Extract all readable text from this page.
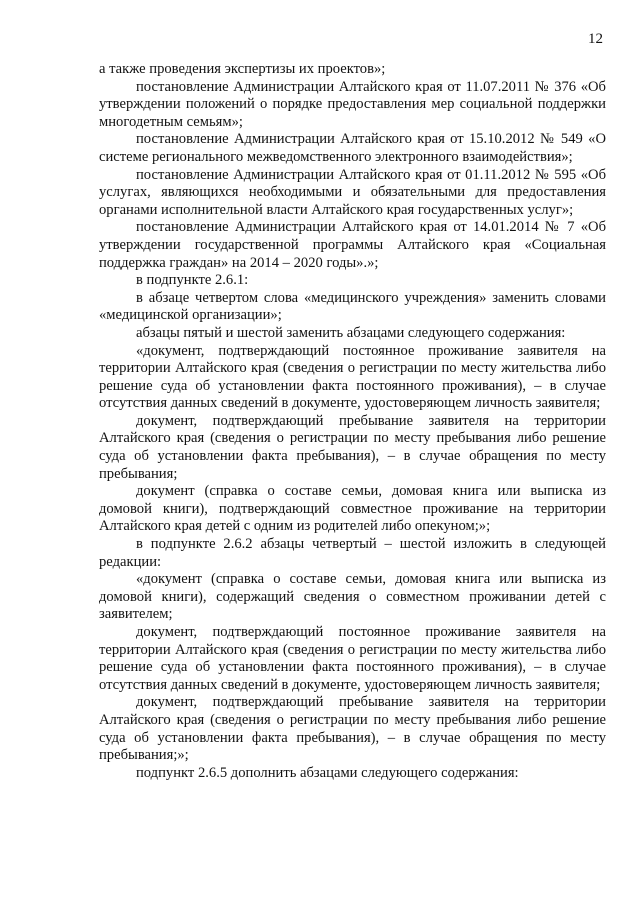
12

а также проведения экспертизы их проектов»;

постановление Администрации Алтайского края от 11.07.2011 № 376 «Об утверждении положений о порядке предоставления мер социальной поддержки многодетным семьям»;

постановление Администрации Алтайского края от 15.10.2012 № 549 «О системе регионального межведомственного электронного взаимодействия»;

постановление Администрации Алтайского края от 01.11.2012 № 595 «Об услугах, являющихся необходимыми и обязательными для предоставления органами исполнительной власти Алтайского края государственных услуг»;

постановление Администрации Алтайского края от 14.01.2014 № 7 «Об утверждении государственной программы Алтайского края «Социальная поддержка граждан» на 2014 – 2020 годы».»;

в подпункте 2.6.1:

в абзаце четвертом слова «медицинского учреждения» заменить словами «медицинской организации»;

абзацы пятый и шестой заменить абзацами следующего содержания:

«документ, подтверждающий постоянное проживание заявителя на территории Алтайского края (сведения о регистрации по месту жительства либо решение суда об установлении факта постоянного проживания), – в случае отсутствия данных сведений в документе, удостоверяющем личность заявителя;

документ, подтверждающий пребывание заявителя на территории Алтайского края (сведения о регистрации по месту пребывания либо решение суда об установлении факта пребывания), – в случае обращения по месту пребывания;

документ (справка о составе семьи, домовая книга или выписка из домовой книги), подтверждающий совместное проживание на территории Алтайского края детей с одним из родителей либо опекуном;»;

в подпункте 2.6.2 абзацы четвертый – шестой изложить в следующей редакции:

«документ (справка о составе семьи, домовая книга или выписка из домовой книги), содержащий сведения о совместном проживании детей с заявителем;

документ, подтверждающий постоянное проживание заявителя на территории Алтайского края (сведения о регистрации по месту жительства либо решение суда об установлении факта постоянного проживания), – в случае отсутствия данных сведений в документе, удостоверяющем личность заявителя;

документ, подтверждающий пребывание заявителя на территории Алтайского края (сведения о регистрации по месту пребывания либо решение суда об установлении факта пребывания), – в случае обращения по месту пребывания;»;

подпункт 2.6.5 дополнить абзацами следующего содержания:
